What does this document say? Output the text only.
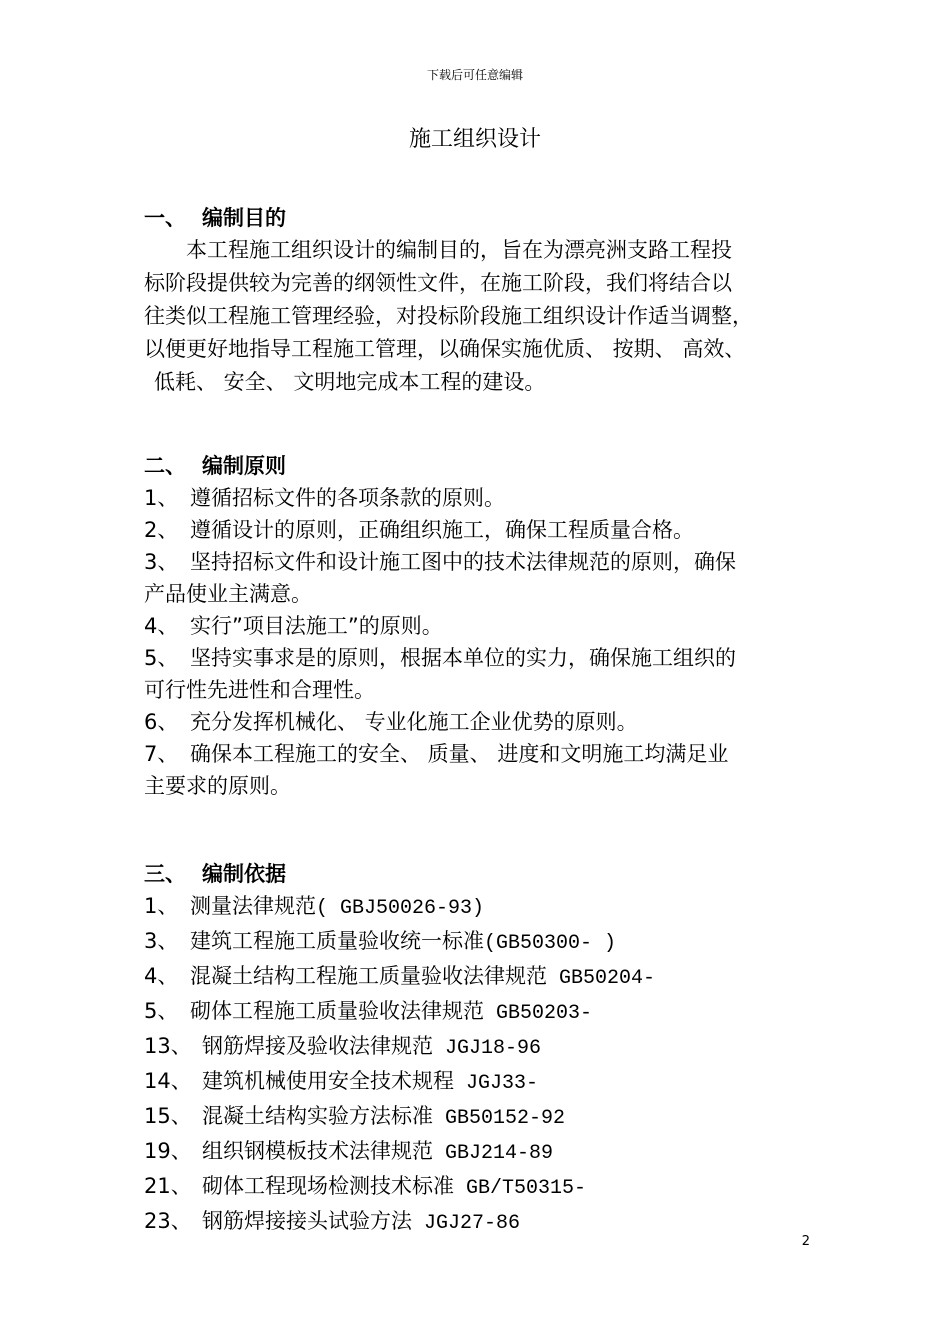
下载后可任意编辑
施工组织设计
一、 编制目的
本工程施工组织设计的编制目的，旨在为漂亮洲支路工程投
标阶段提供较为完善的纲领性文件，在施工阶段，我们将结合以
往类似工程施工管理经验，对投标阶段施工组织设计作适当调整，
以便更好地指导工程施工管理，以确保实施优质、 按期、 高效、
低耗、 安全、 文明地完成本工程的建设。
二、 编制原则
1、 遵循招标文件的各项条款的原则。
2、 遵循设计的原则，正确组织施工，确保工程质量合格。
3、 坚持招标文件和设计施工图中的技术法律规范的原则，确保
产品使业主满意。
4、 实行”项目法施工”的原则。
5、 坚持实事求是的原则，根据本单位的实力，确保施工组织的
可行性先进性和合理性。
6、 充分发挥机械化、 专业化施工企业优势的原则。
7、 确保本工程施工的安全、 质量、 进度和文明施工均满足业
主要求的原则。
三、 编制依据
1、 测量法律规范( GBJ50026-93)
3、 建筑工程施工质量验收统一标准(GB50300- )
4、 混凝土结构工程施工质量验收法律规范 GB50204-
5、 砌体工程施工质量验收法律规范 GB50203-
13、 钢筋焊接及验收法律规范 JGJ18-96
14、 建筑机械使用安全技术规程 JGJ33-
15、 混凝土结构实验方法标准 GB50152-92
19、 组织钢模板技术法律规范 GBJ214-89
21、 砌体工程现场检测技术标准 GB/T50315-
23、 钢筋焊接接头试验方法 JGJ27-86
2
